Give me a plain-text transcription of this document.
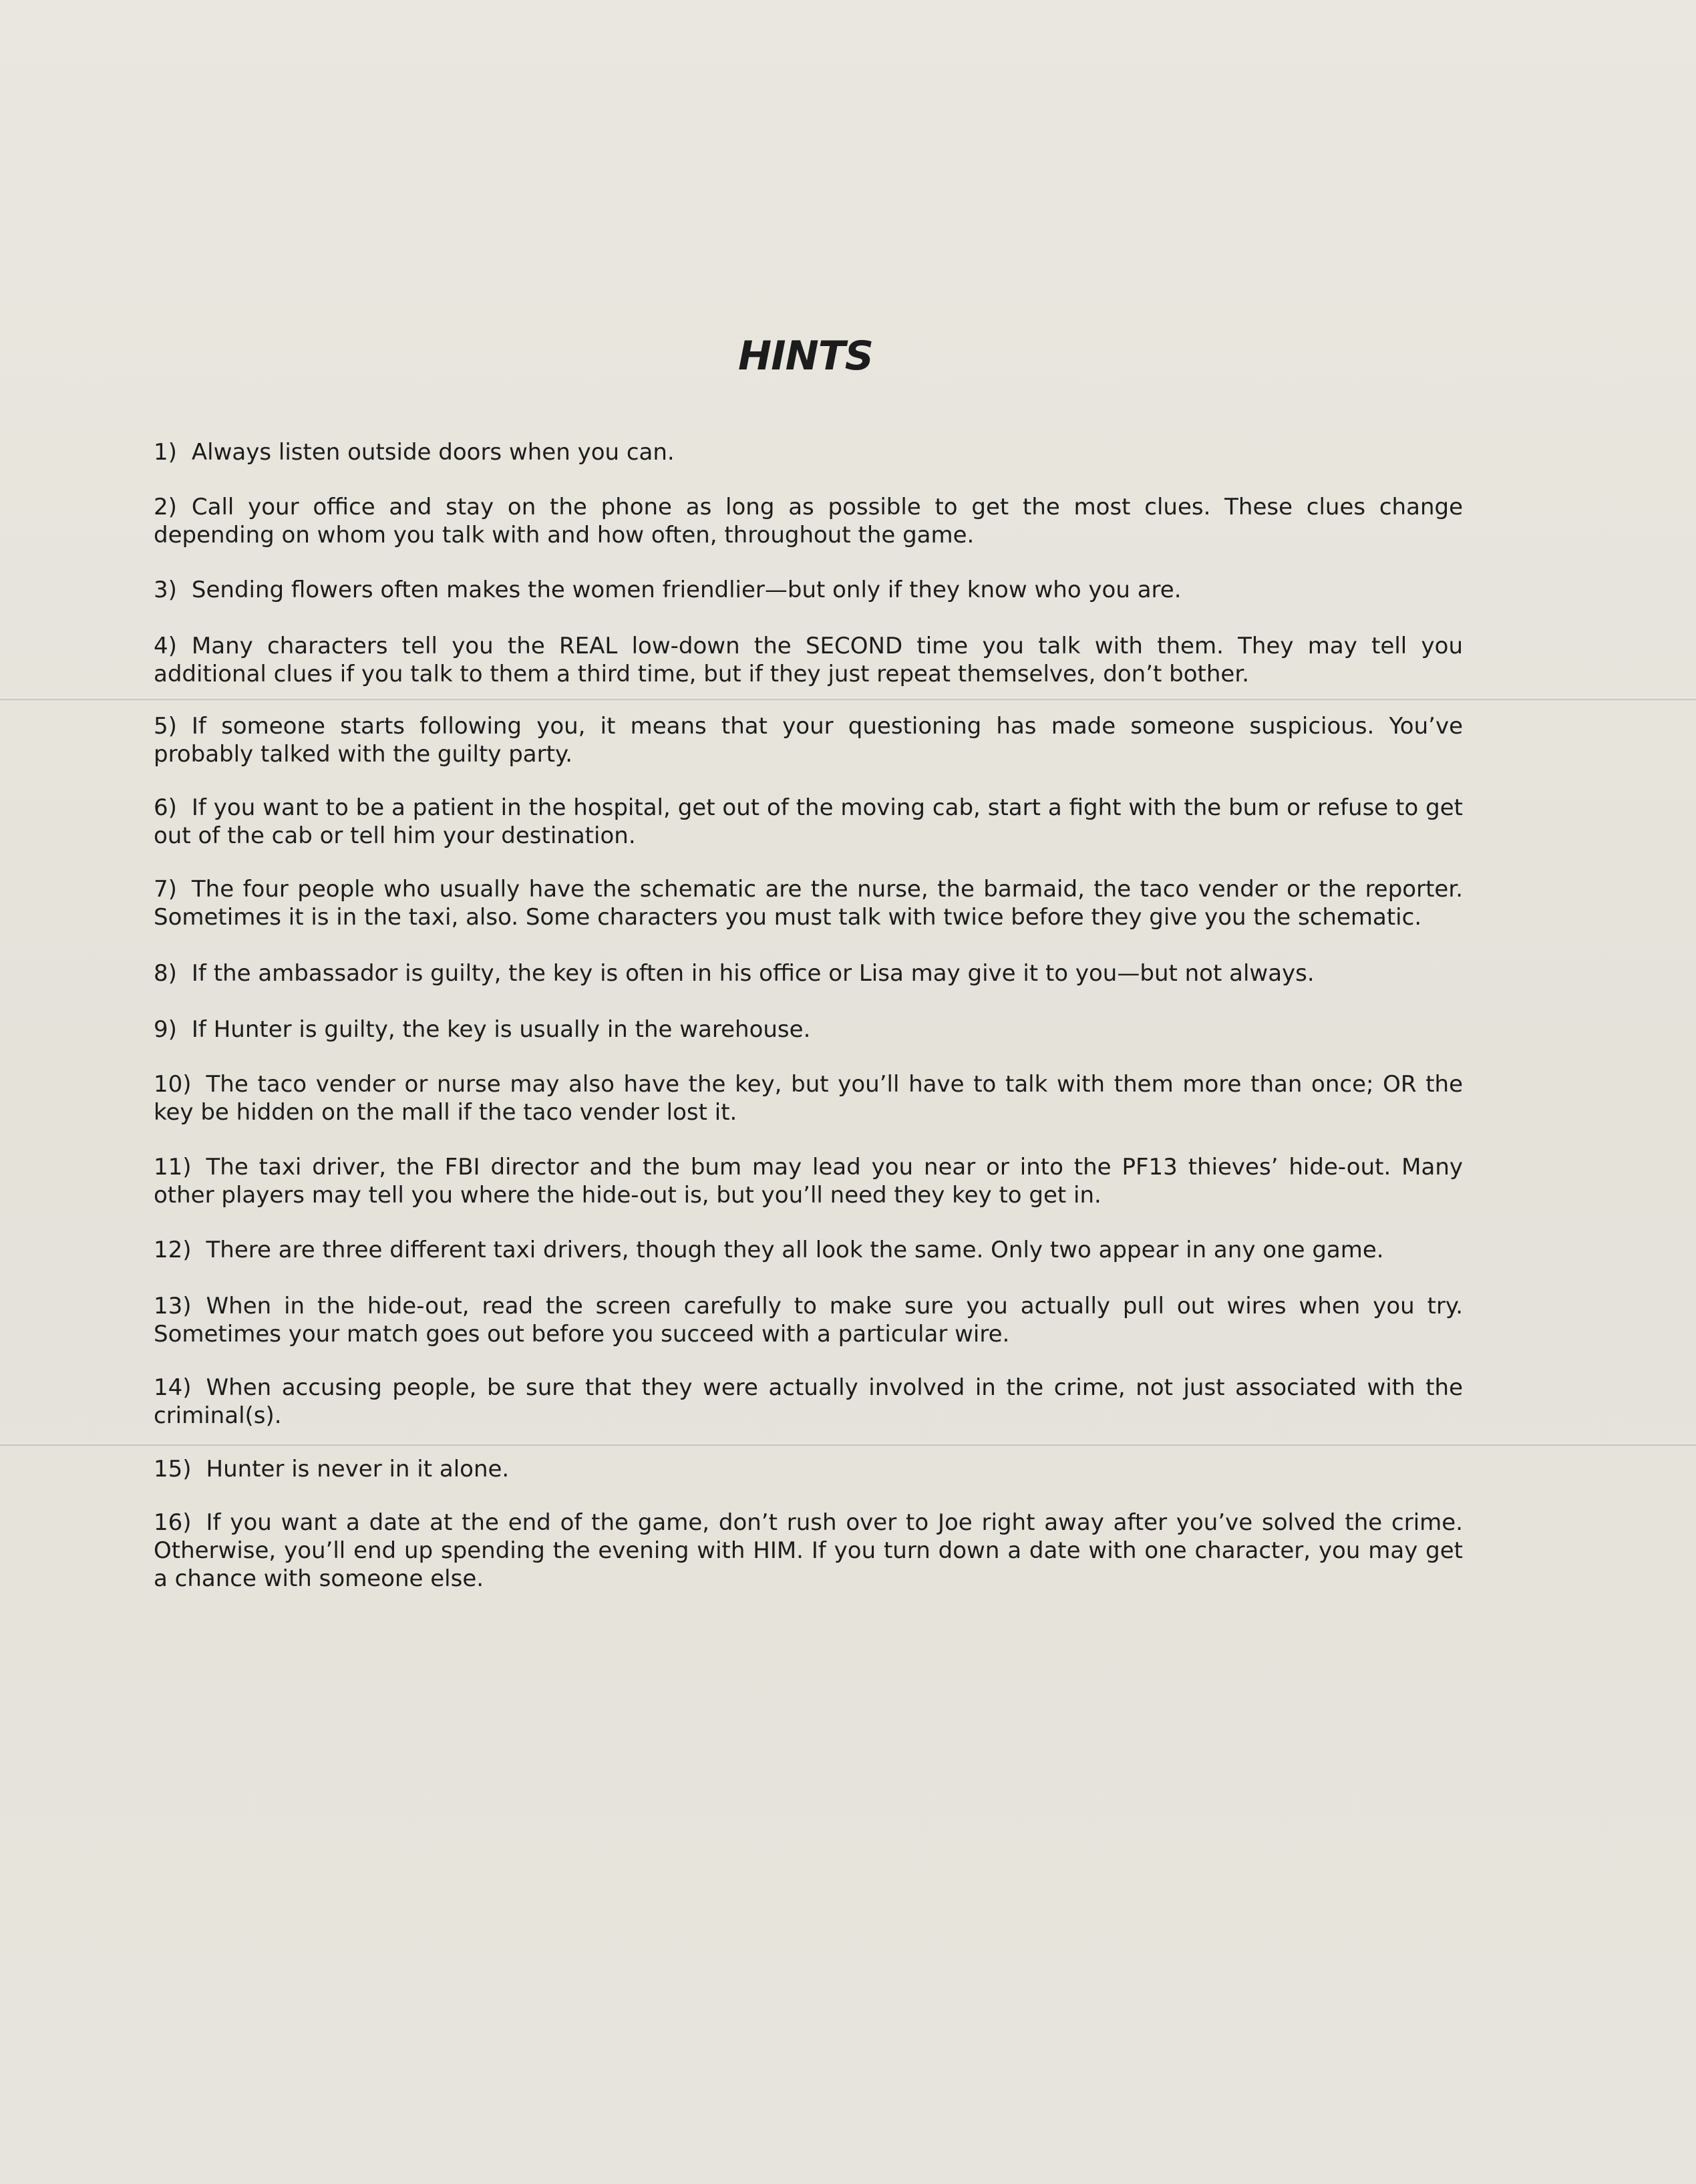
HINTS

1) Always listen outside doors when you can.

2) Call your office and stay on the phone as long as possible to get the most clues. These clues change depending on whom you talk with and how often, throughout the game.

3) Sending flowers often makes the women friendlier—but only if they know who you are.

4) Many characters tell you the REAL low-down the SECOND time you talk with them. They may tell you additional clues if you talk to them a third time, but if they just repeat themselves, don’t bother.

5) If someone starts following you, it means that your questioning has made someone suspicious. You’ve probably talked with the guilty party.

6) If you want to be a patient in the hospital, get out of the moving cab, start a fight with the bum or refuse to get out of the cab or tell him your destination.

7) The four people who usually have the schematic are the nurse, the barmaid, the taco vender or the reporter. Sometimes it is in the taxi, also. Some characters you must talk with twice before they give you the schematic.

8) If the ambassador is guilty, the key is often in his office or Lisa may give it to you—but not always.

9) If Hunter is guilty, the key is usually in the warehouse.

10) The taco vender or nurse may also have the key, but you’ll have to talk with them more than once; OR the key be hidden on the mall if the taco vender lost it.

11) The taxi driver, the FBI director and the bum may lead you near or into the PF13 thieves’ hide-out. Many other players may tell you where the hide-out is, but you’ll need they key to get in.

12) There are three different taxi drivers, though they all look the same. Only two appear in any one game.

13) When in the hide-out, read the screen carefully to make sure you actually pull out wires when you try. Sometimes your match goes out before you succeed with a particular wire.

14) When accusing people, be sure that they were actually involved in the crime, not just associated with the criminal(s).

15) Hunter is never in it alone.

16) If you want a date at the end of the game, don’t rush over to Joe right away after you’ve solved the crime. Otherwise, you’ll end up spending the evening with HIM. If you turn down a date with one character, you may get a chance with someone else.
